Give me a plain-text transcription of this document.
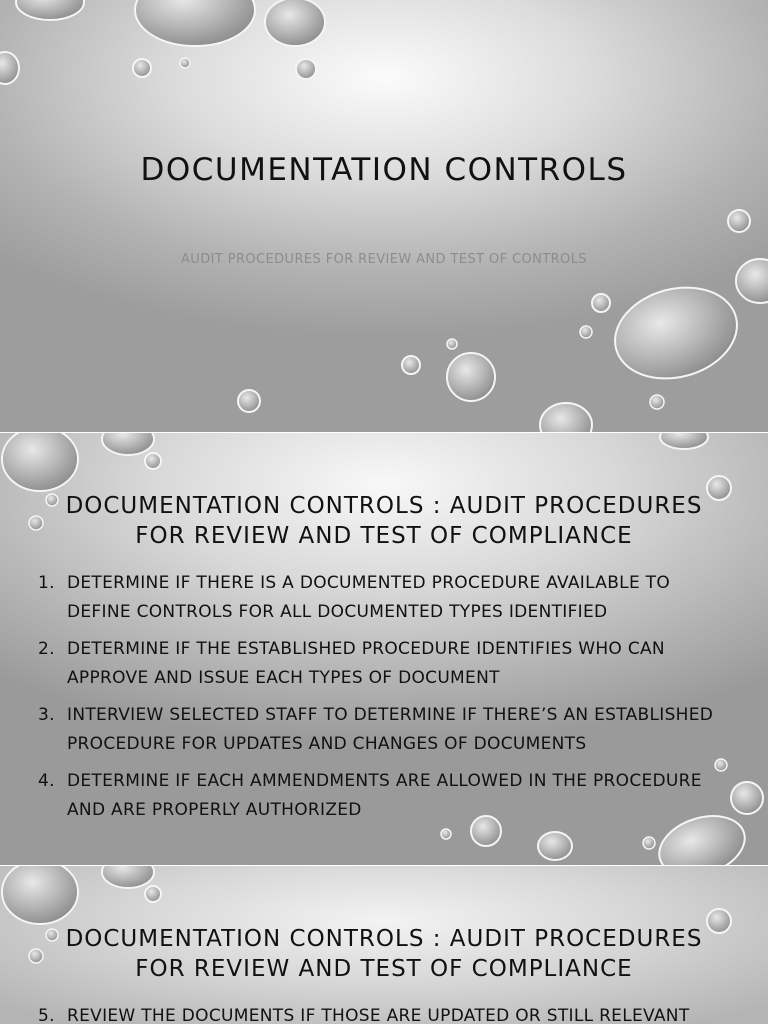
DOCUMENTATION CONTROLS
AUDIT PROCEDURES FOR REVIEW AND TEST OF CONTROLS
DOCUMENTATION CONTROLS : AUDIT PROCEDURES
FOR REVIEW AND TEST OF COMPLIANCE
1. DETERMINE IF THERE IS A DOCUMENTED PROCEDURE AVAILABLE TO DEFINE CONTROLS FOR ALL DOCUMENTED TYPES IDENTIFIED
2. DETERMINE IF THE ESTABLISHED PROCEDURE IDENTIFIES WHO CAN APPROVE AND ISSUE EACH TYPES OF DOCUMENT
3. INTERVIEW SELECTED STAFF TO DETERMINE IF THERE’S AN ESTABLISHED PROCEDURE FOR UPDATES AND CHANGES OF DOCUMENTS
4. DETERMINE IF EACH AMMENDMENTS ARE ALLOWED IN THE PROCEDURE AND ARE PROPERLY AUTHORIZED
DOCUMENTATION CONTROLS : AUDIT PROCEDURES
FOR REVIEW AND TEST OF COMPLIANCE
5. REVIEW THE DOCUMENTS IF THOSE ARE UPDATED OR STILL RELEVANT
